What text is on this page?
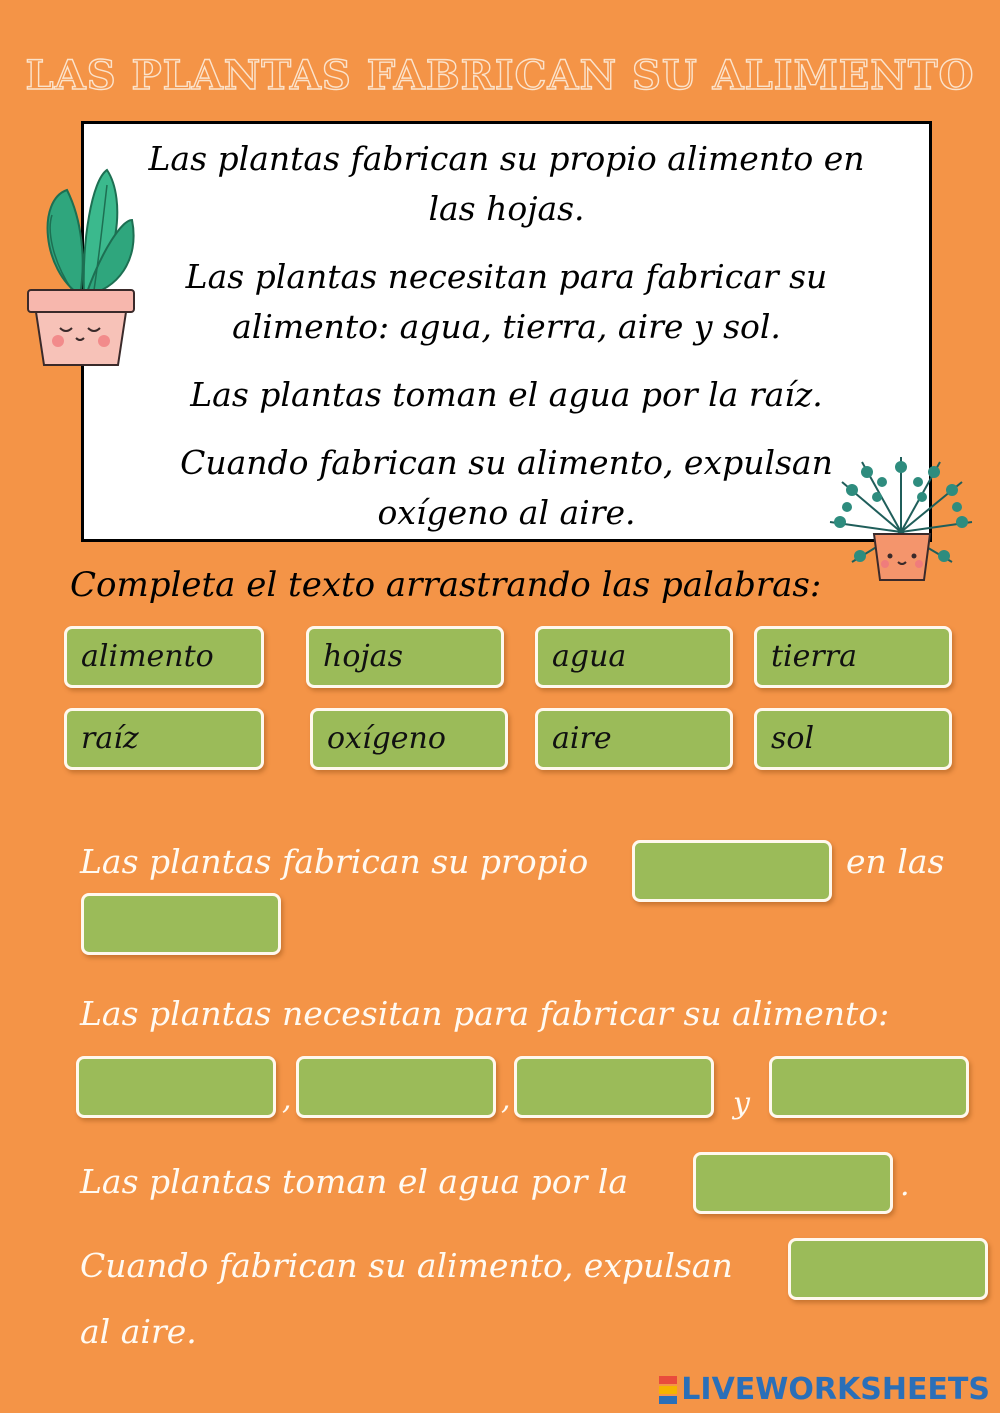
LAS PLANTAS FABRICAN SU ALIMENTO
Las plantas fabrican su propio alimento en
las hojas.
Las plantas necesitan para fabricar su
alimento: agua, tierra, aire y sol.
Las plantas toman el agua por la raíz.
Cuando fabrican su alimento, expulsan
oxígeno al aire.
Completa el texto arrastrando las palabras:
alimento	hojas	agua	tierra
raíz	oxígeno	aire	sol
Las plantas fabrican su propio	en las
Las plantas necesitan para fabricar su alimento:
,	,	y
Las plantas toman el agua por la	.
Cuando fabrican su alimento, expulsan
al aire.
LIVEWORKSHEETS
